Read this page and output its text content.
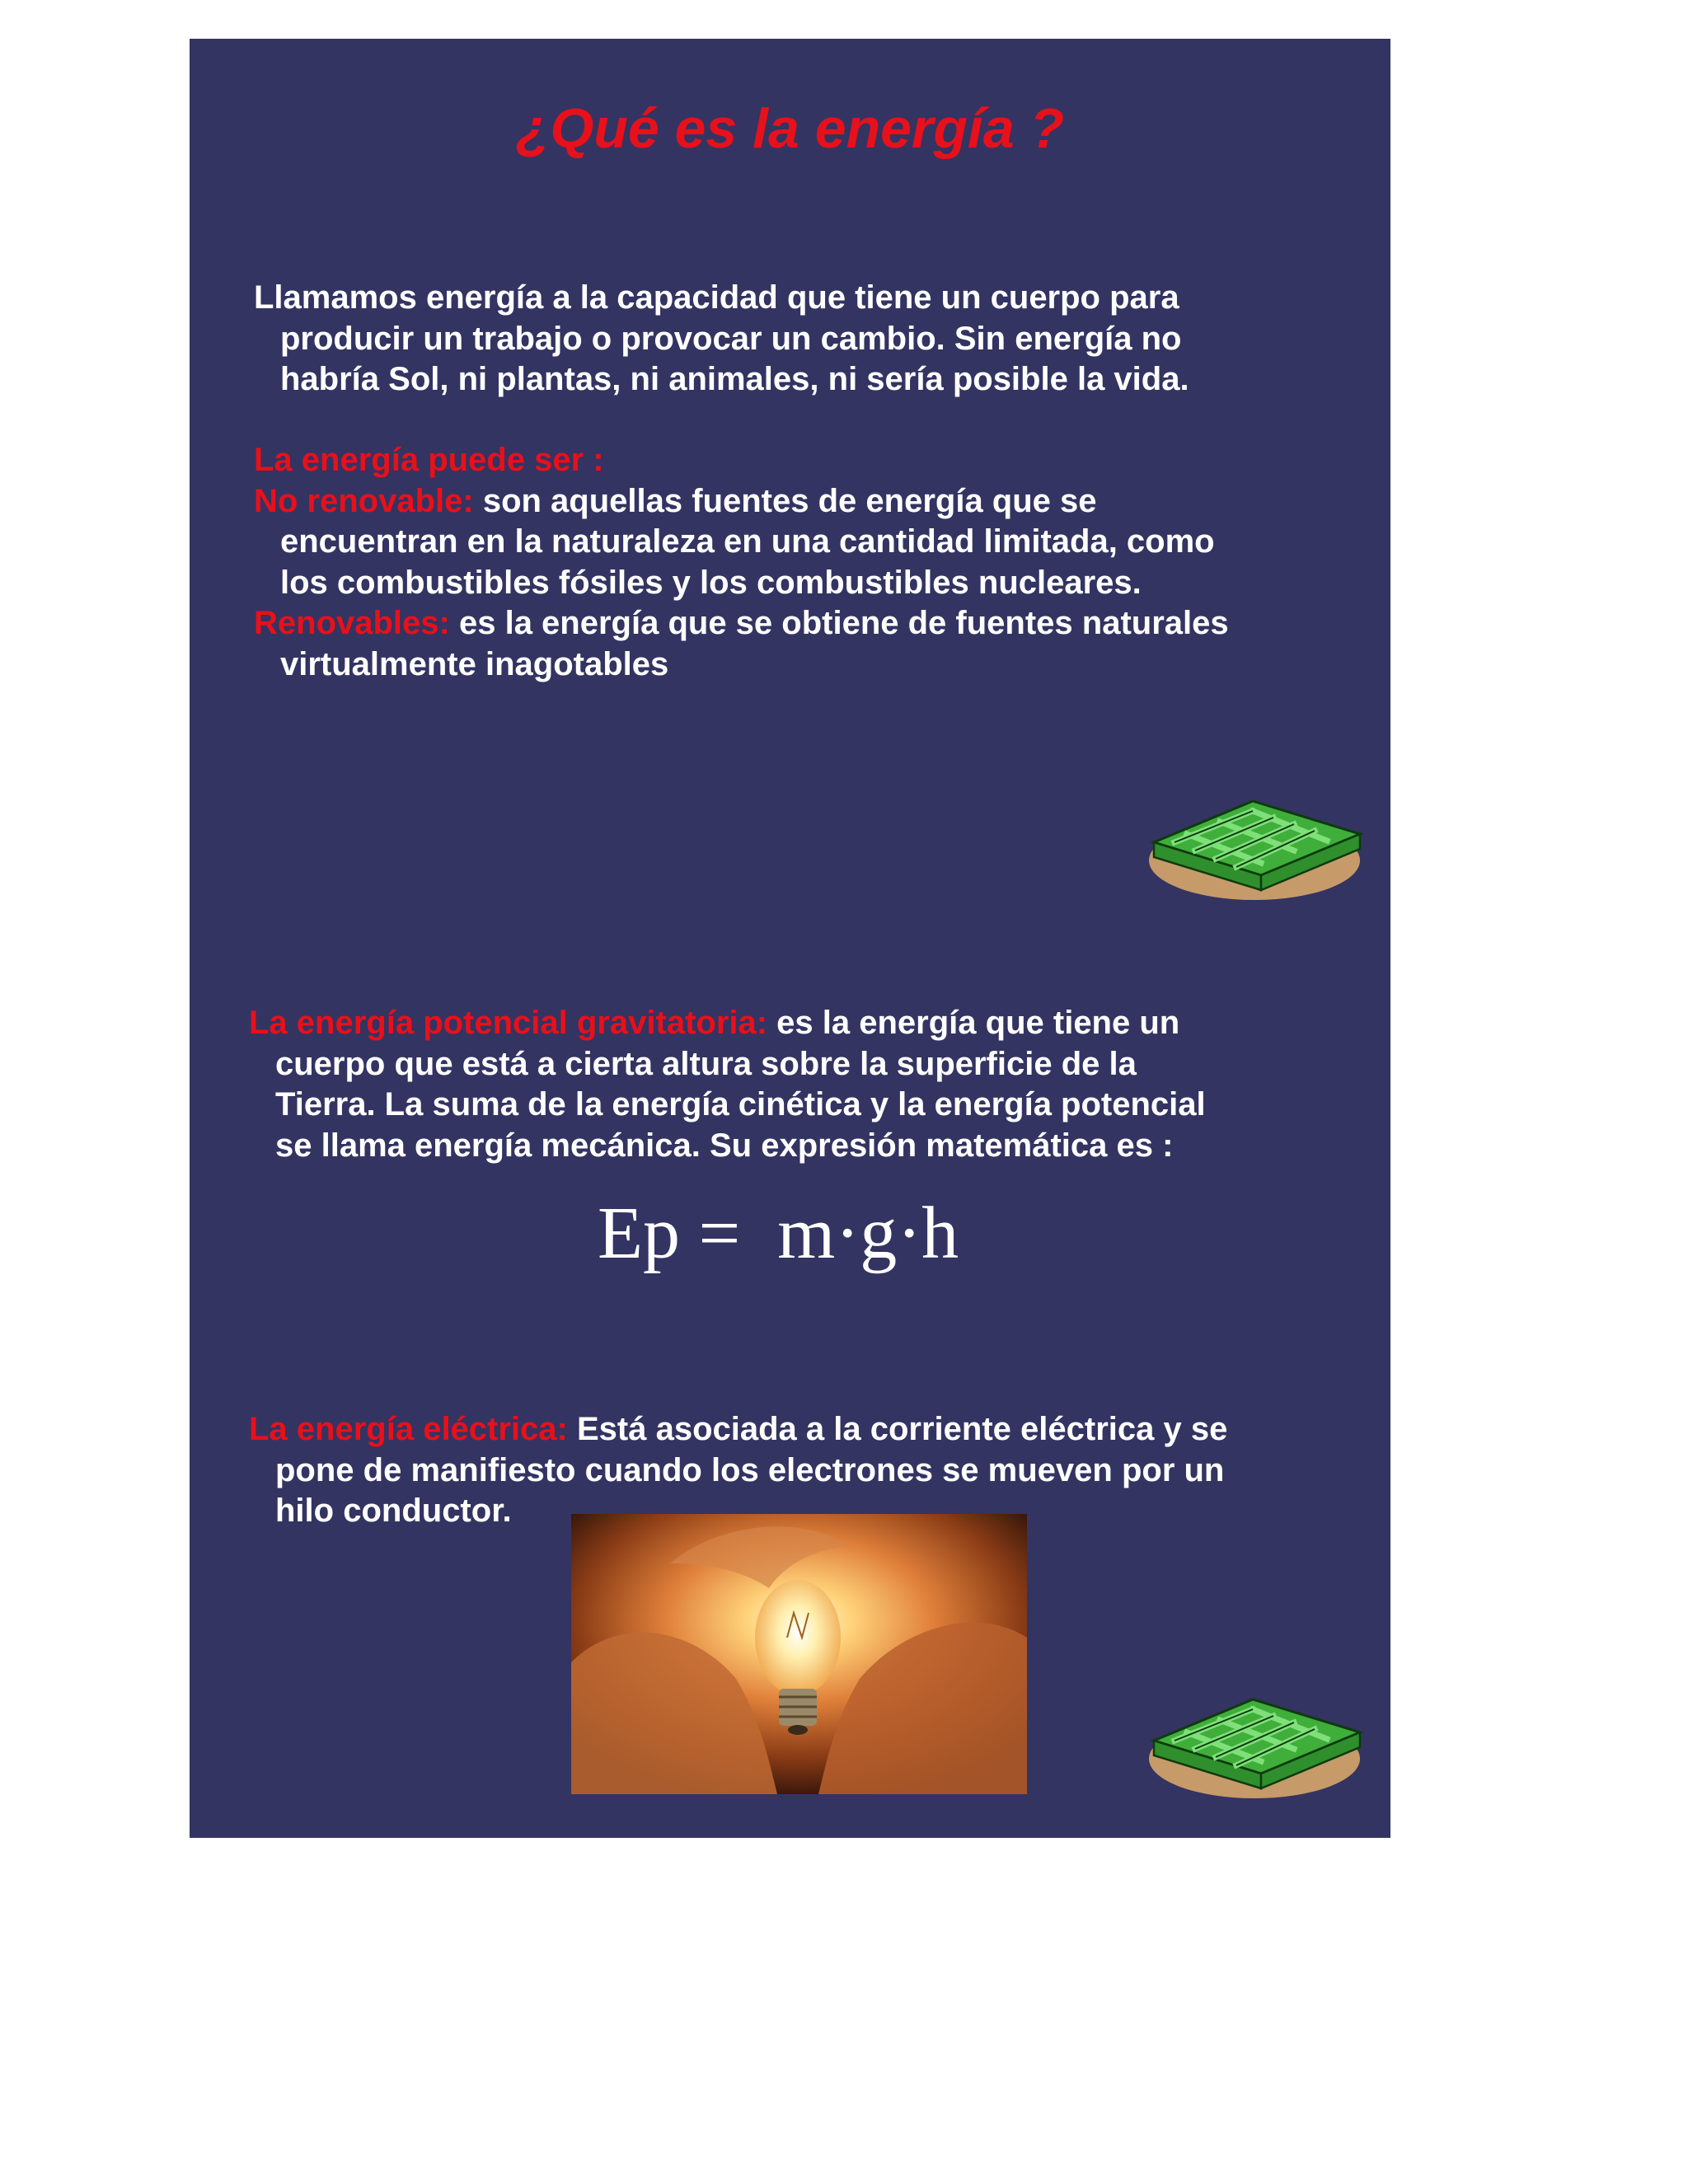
¿Qué es la energía ?

Llamamos energía a la capacidad que tiene un cuerpo para
producir un trabajo o provocar un cambio. Sin energía no
habría Sol, ni plantas, ni animales, ni sería posible la vida.

La energía puede ser :
No renovable: son aquellas fuentes de energía que se
encuentran en la naturaleza en una cantidad limitada, como
los combustibles fósiles y los combustibles nucleares.
Renovables: es la energía que se obtiene de fuentes naturales
virtualmente inagotables

La energía potencial gravitatoria: es la energía que tiene un
cuerpo que está a cierta altura sobre la superficie de la
Tierra. La suma de la energía cinética y la energía potencial
se llama energía mecánica. Su expresión matemática es :

Ep =  m·g·h

La energía eléctrica: Está asociada a la corriente eléctrica y se
pone de manifiesto cuando los electrones se mueven por un
hilo conductor.
